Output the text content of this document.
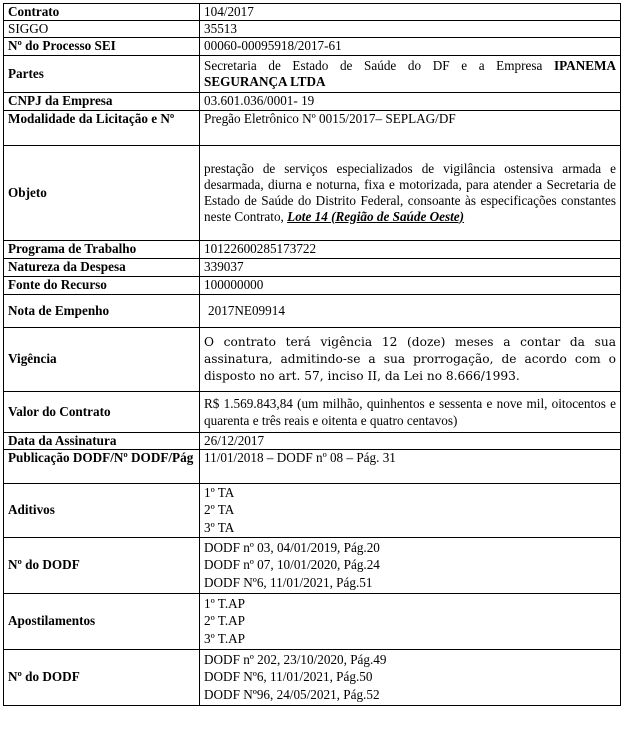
Contrato	104/2017
SIGGO	35513
Nº do Processo SEI	00060-00095918/2017-61
Partes	Secretaria de Estado de Saúde do DF e a Empresa IPANEMA SEGURANÇA LTDA
CNPJ da Empresa	03.601.036/0001- 19
Modalidade da Licitação e Nº	Pregão Eletrônico Nº 0015/2017– SEPLAG/DF
Objeto	prestação de serviços especializados de vigilância ostensiva armada e desarmada, diurna e noturna, fixa e motorizada, para atender a Secretaria de Estado de Saúde do Distrito Federal, consoante às especificações constantes neste Contrato, Lote 14 (Região de Saúde Oeste)
Programa de Trabalho	10122600285173722
Natureza da Despesa	339037
Fonte do Recurso	100000000
Nota de Empenho	2017NE09914
Vigência	O contrato terá vigência 12 (doze) meses a contar da sua assinatura, admitindo-se a sua prorrogação, de acordo com o disposto no art. 57, inciso II, da Lei no 8.666/1993.
Valor do Contrato	R$ 1.569.843,84 (um milhão, quinhentos e sessenta e nove mil, oitocentos e quarenta e três reais e oitenta e quatro centavos)
Data da Assinatura	26/12/2017
Publicação DODF/Nº DODF/Pág	11/01/2018 – DODF nº 08 – Pág. 31
Aditivos	1º TA
2º TA
3º TA

Nº do DODF	DODF nº 03, 04/01/2019, Pág.20
DODF nº 07, 10/01/2020, Pág.24
DODF Nº6, 11/01/2021, Pág.51

Apostilamentos	1º T.AP
2º T.AP
3º T.AP

Nº do DODF	DODF nº 202, 23/10/2020, Pág.49
DODF Nº6, 11/01/2021, Pág.50
DODF Nº96, 24/05/2021, Pág.52
